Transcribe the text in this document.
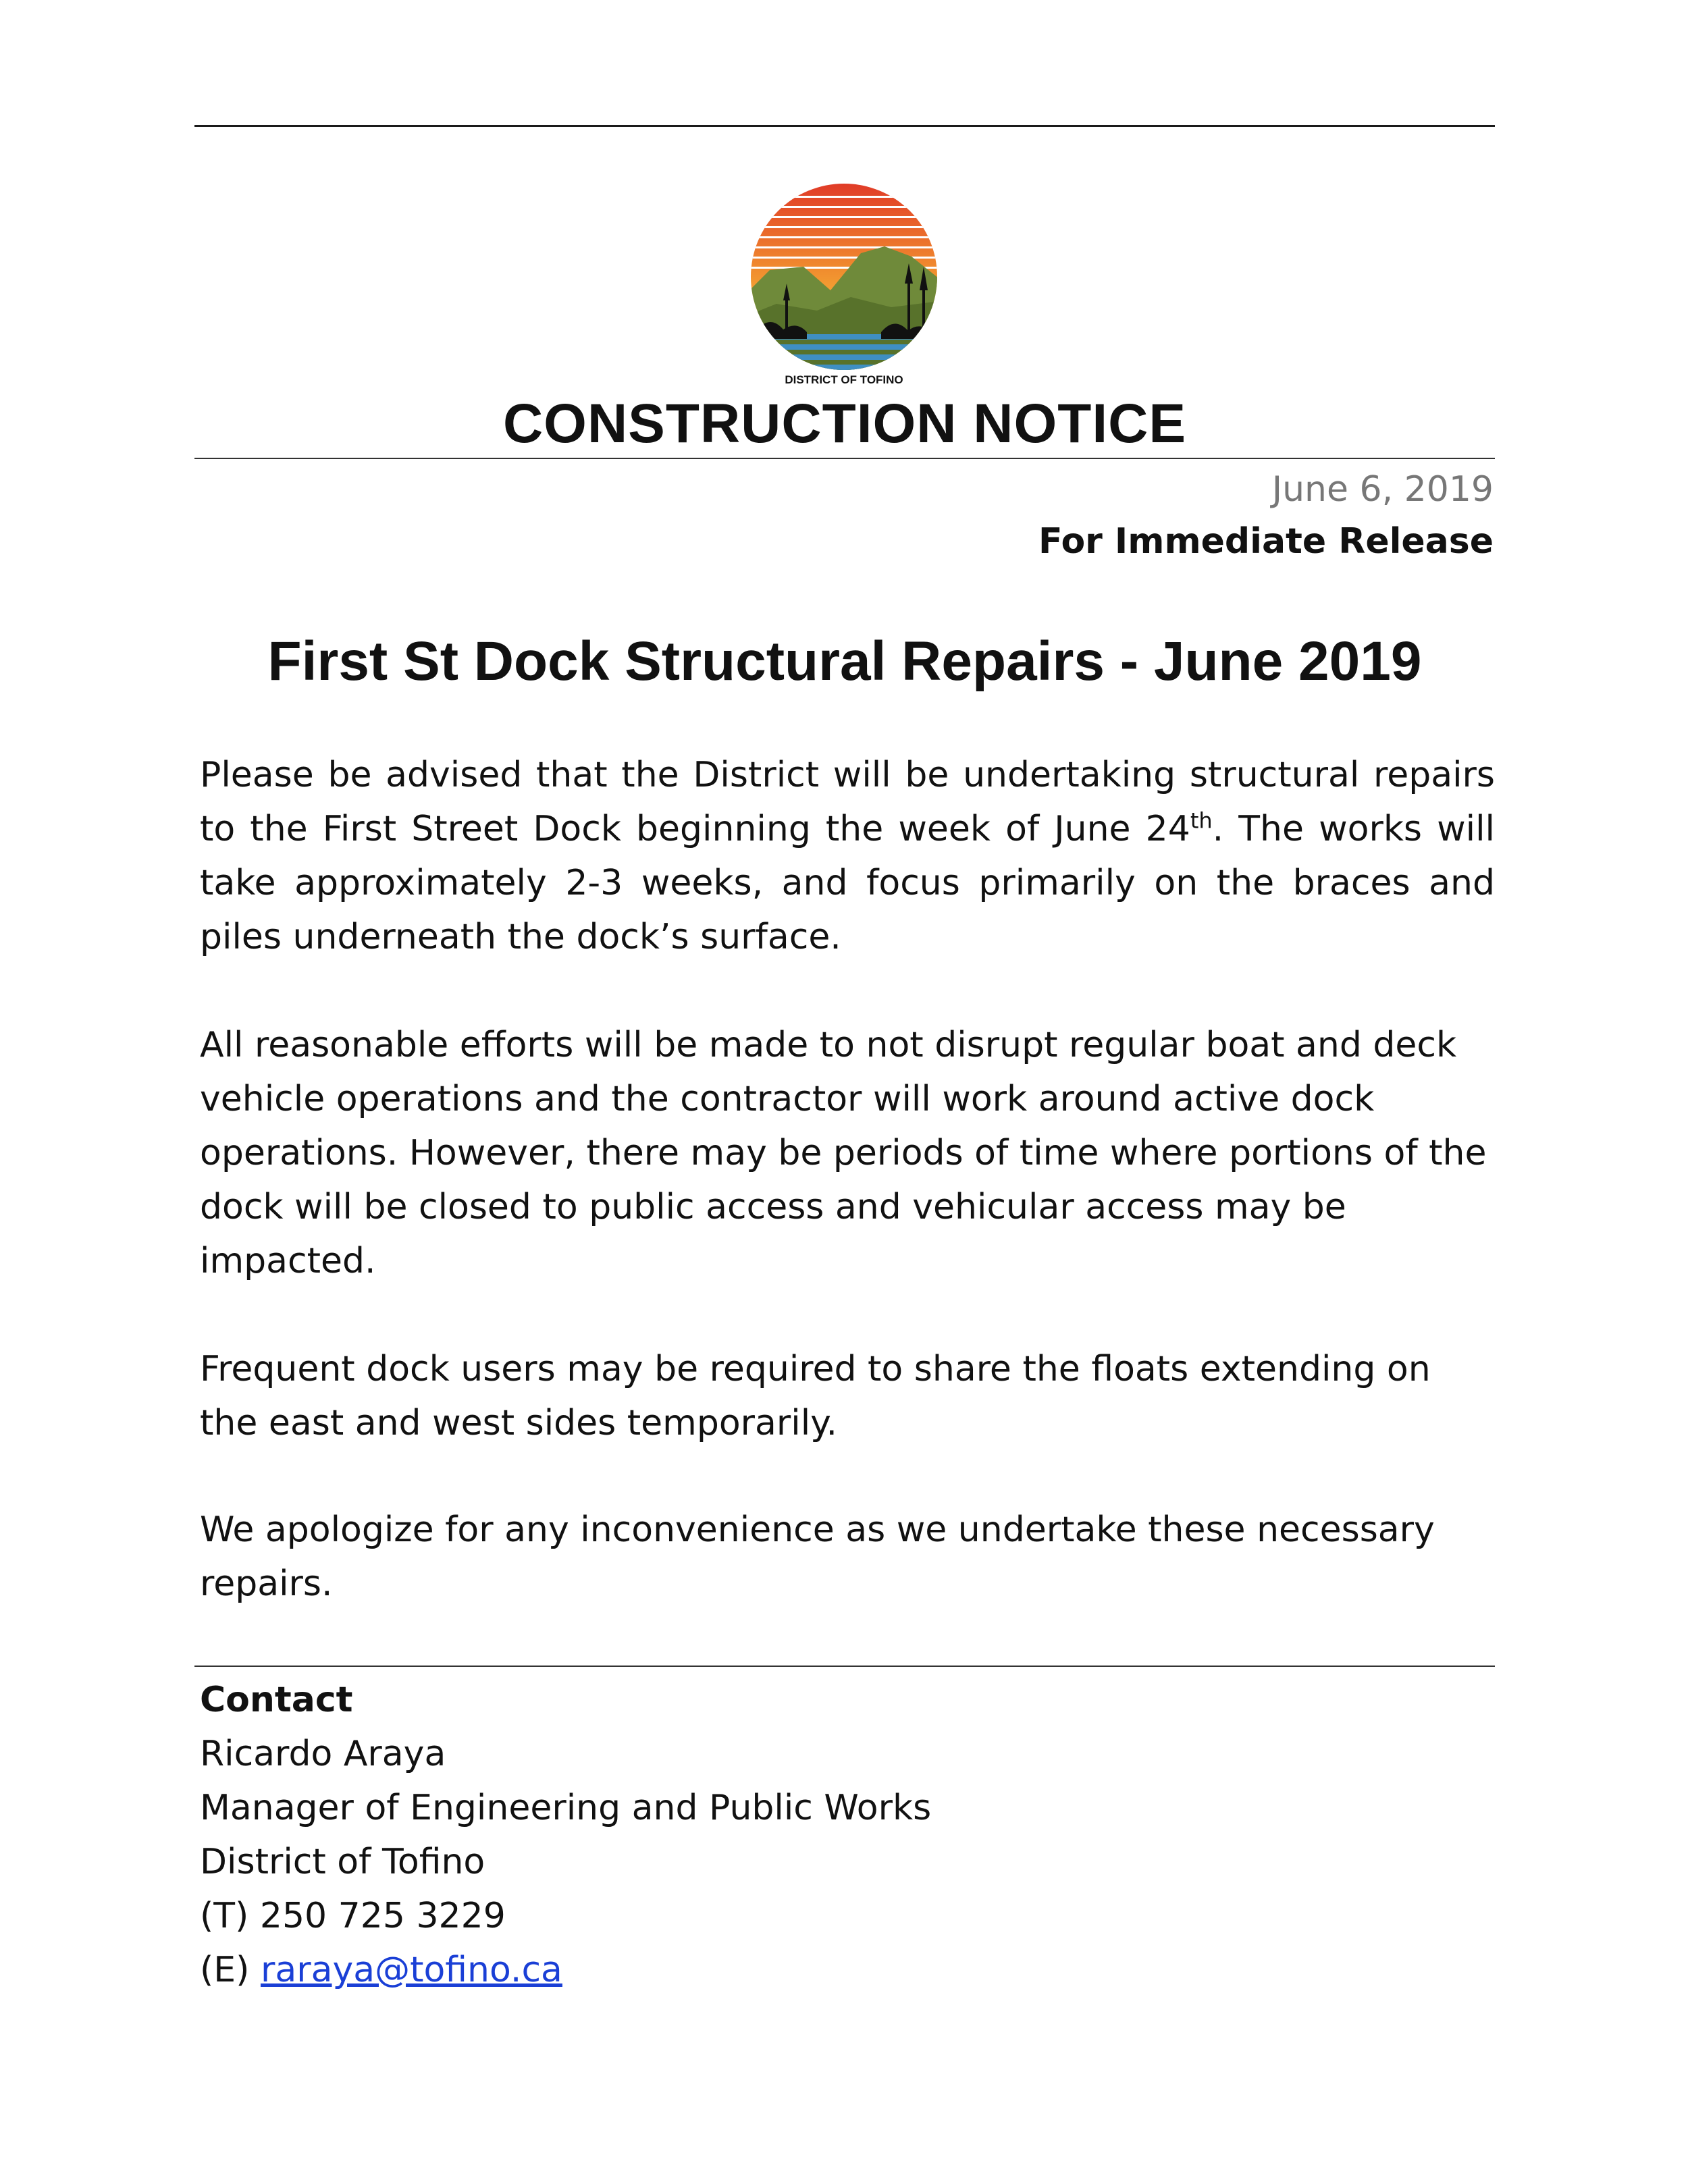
DISTRICT OF TOFINO
CONSTRUCTION NOTICE
June 6, 2019
For Immediate Release
First St Dock Structural Repairs - June 2019
Please be advised that the District will be undertaking structural repairs to the First Street Dock beginning the week of June 24th. The works will take approximately 2-3 weeks, and focus primarily on the braces and piles underneath the dock’s surface.
All reasonable efforts will be made to not disrupt regular boat and deck vehicle operations and the contractor will work around active dock operations. However, there may be periods of time where portions of the dock will be closed to public access and vehicular access may be impacted.
Frequent dock users may be required to share the floats extending on the east and west sides temporarily.
We apologize for any inconvenience as we undertake these necessary repairs.
Contact
Ricardo Araya
Manager of Engineering and Public Works
District of Tofino
(T) 250 725 3229
(E) raraya@tofino.ca
